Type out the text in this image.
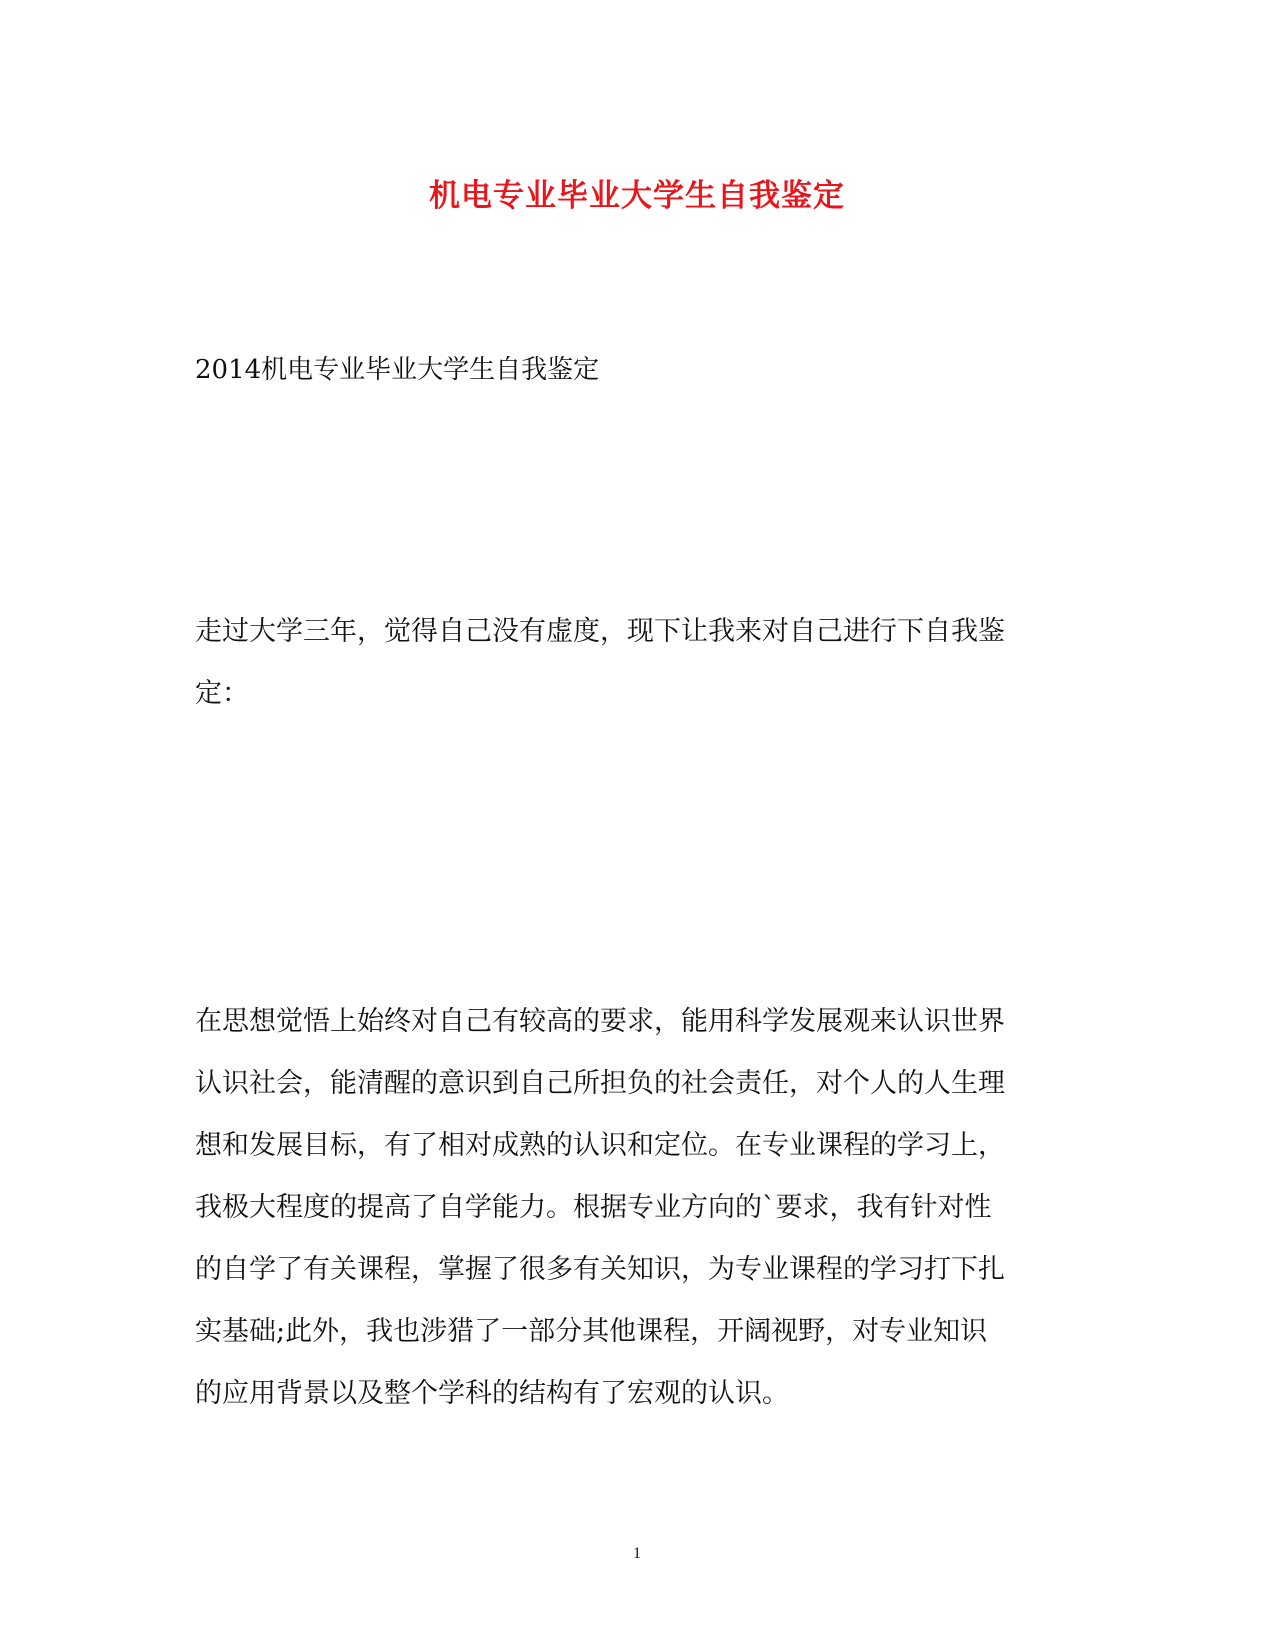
机电专业毕业大学生自我鉴定
2014机电专业毕业大学生自我鉴定
走过大学三年，觉得自己没有虚度，现下让我来对自己进行下自我鉴
定：
在思想觉悟上始终对自己有较高的要求，能用科学发展观来认识世界
认识社会，能清醒的意识到自己所担负的社会责任，对个人的人生理
想和发展目标，有了相对成熟的认识和定位。在专业课程的学习上，
我极大程度的提高了自学能力。根据专业方向的`要求，我有针对性
的自学了有关课程，掌握了很多有关知识，为专业课程的学习打下扎
实基础;此外，我也涉猎了一部分其他课程，开阔视野，对专业知识
的应用背景以及整个学科的结构有了宏观的认识。
1
